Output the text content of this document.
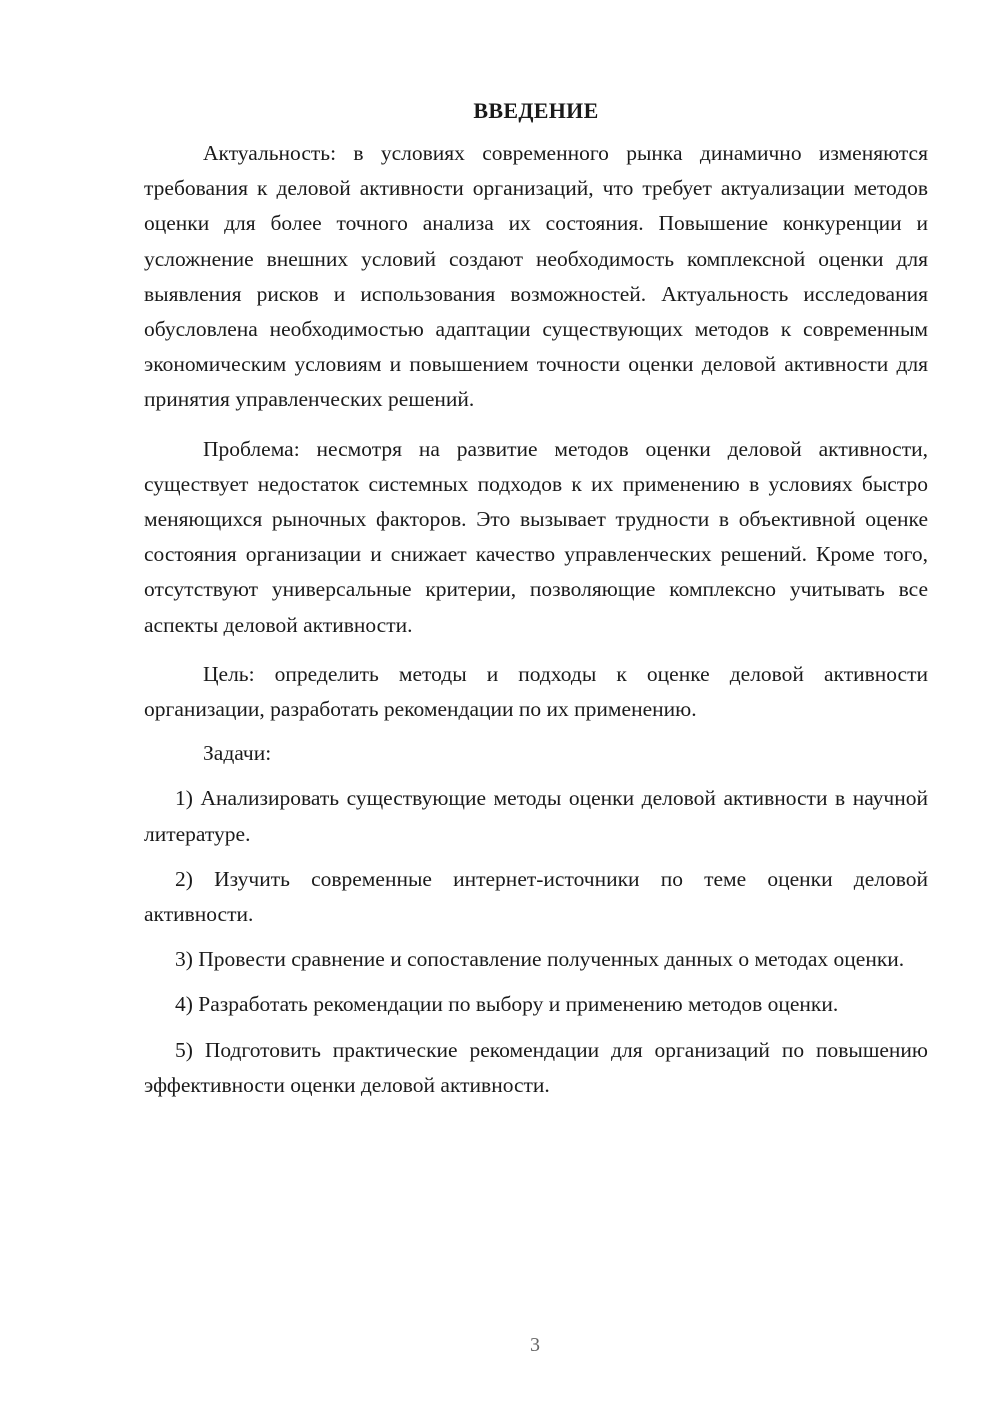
ВВЕДЕНИЕ

Актуальность: в условиях современного рынка динамично изменяются требования к деловой активности организаций, что требует актуализации методов оценки для более точного анализа их состояния. Повышение конкуренции и усложнение внешних условий создают необходимость комплексной оценки для выявления рисков и использования возможностей. Актуальность исследования обусловлена необходимостью адаптации существующих методов к современным экономическим условиям и повышением точности оценки деловой активности для принятия управленческих решений.

Проблема: несмотря на развитие методов оценки деловой активности, существует недостаток системных подходов к их применению в условиях быстро меняющихся рыночных факторов. Это вызывает трудности в объективной оценке состояния организации и снижает качество управленческих решений. Кроме того, отсутствуют универсальные критерии, позволяющие комплексно учитывать все аспекты деловой активности.

Цель: определить методы и подходы к оценке деловой активности организации, разработать рекомендации по их применению.

Задачи:

1) Анализировать существующие методы оценки деловой активности в научной литературе.

2) Изучить современные интернет-источники по теме оценки деловой активности.

3) Провести сравнение и сопоставление полученных данных о методах оценки.

4) Разработать рекомендации по выбору и применению методов оценки.

5) Подготовить практические рекомендации для организаций по повышению эффективности оценки деловой активности.

3
